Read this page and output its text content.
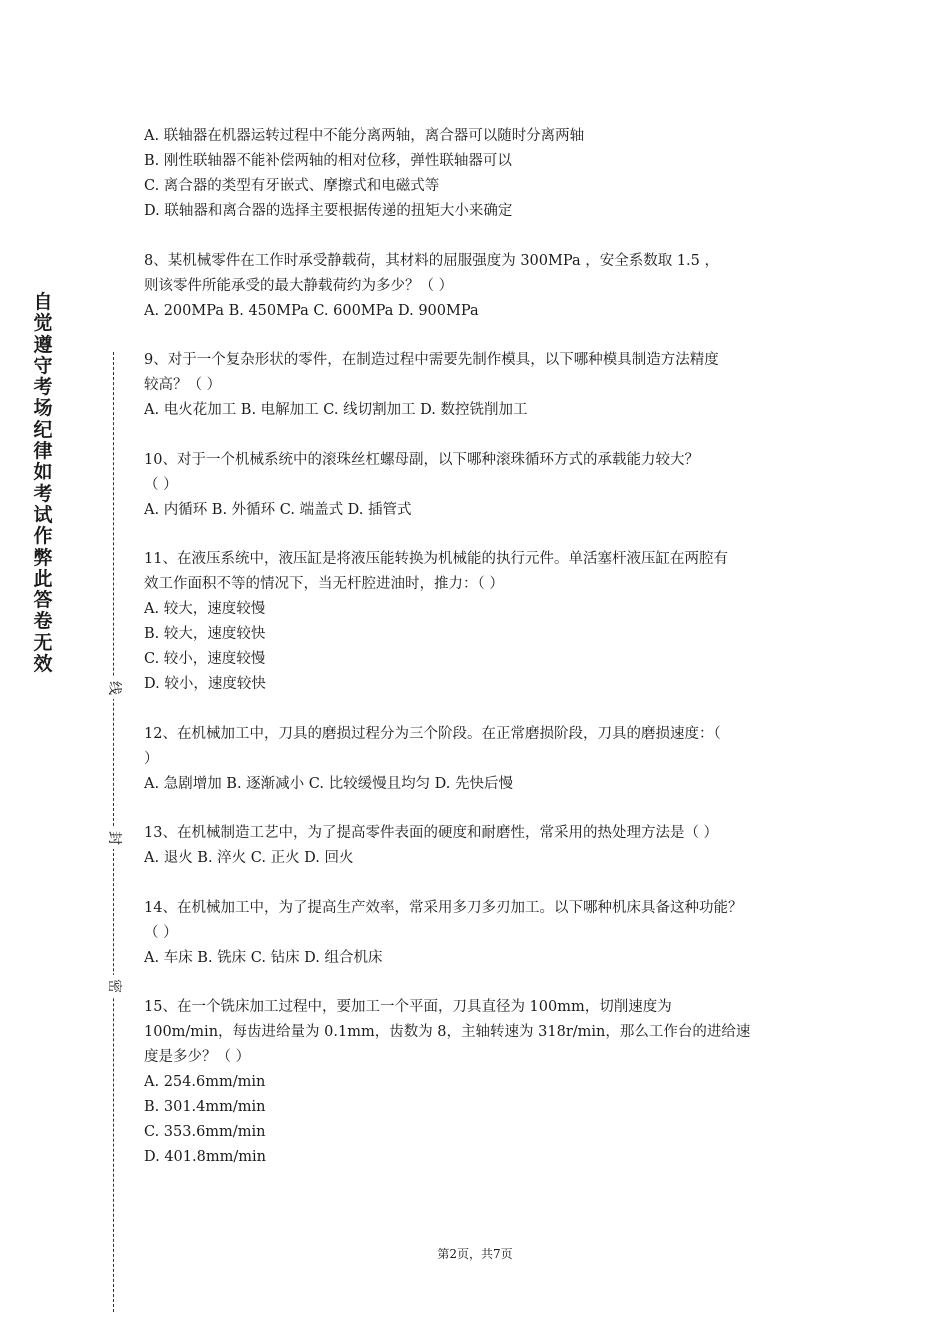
自
觉
遵
守
考
场
纪
律
如
考
试
作
弊
此
答
卷
无
效
线
封
密
A. 联轴器在机器运转过程中不能分离两轴，离合器可以随时分离两轴
B. 刚性联轴器不能补偿两轴的相对位移，弹性联轴器可以
C. 离合器的类型有牙嵌式、摩擦式和电磁式等
D. 联轴器和离合器的选择主要根据传递的扭矩大小来确定
8、某机械零件在工作时承受静载荷，其材料的屈服强度为 300MPa ，安全系数取 1.5 ，
则该零件所能承受的最大静载荷约为多少？（ ）
A. 200MPa B. 450MPa C. 600MPa D. 900MPa
9、对于一个复杂形状的零件，在制造过程中需要先制作模具，以下哪种模具制造方法精度
较高？（ ）
A. 电火花加工 B. 电解加工 C. 线切割加工 D. 数控铣削加工
10、对于一个机械系统中的滚珠丝杠螺母副，以下哪种滚珠循环方式的承载能力较大？
（ ）
A. 内循环 B. 外循环 C. 端盖式 D. 插管式
11、在液压系统中，液压缸是将液压能转换为机械能的执行元件。单活塞杆液压缸在两腔有
效工作面积不等的情况下，当无杆腔进油时，推力：（ ）
A. 较大，速度较慢
B. 较大，速度较快
C. 较小，速度较慢
D. 较小，速度较快
12、在机械加工中，刀具的磨损过程分为三个阶段。在正常磨损阶段，刀具的磨损速度：（
）
A. 急剧增加 B. 逐渐减小 C. 比较缓慢且均匀 D. 先快后慢
13、在机械制造工艺中，为了提高零件表面的硬度和耐磨性，常采用的热处理方法是（ ）
A. 退火 B. 淬火 C. 正火 D. 回火
14、在机械加工中，为了提高生产效率，常采用多刀多刃加工。以下哪种机床具备这种功能？
（ ）
A. 车床 B. 铣床 C. 钻床 D. 组合机床
15、在一个铣床加工过程中，要加工一个平面，刀具直径为 100mm，切削速度为
100m/min，每齿进给量为 0.1mm，齿数为 8，主轴转速为 318r/min，那么工作台的进给速
度是多少？（ ）
A. 254.6mm/min
B. 301.4mm/min
C. 353.6mm/min
D. 401.8mm/min
第2页，共7页
